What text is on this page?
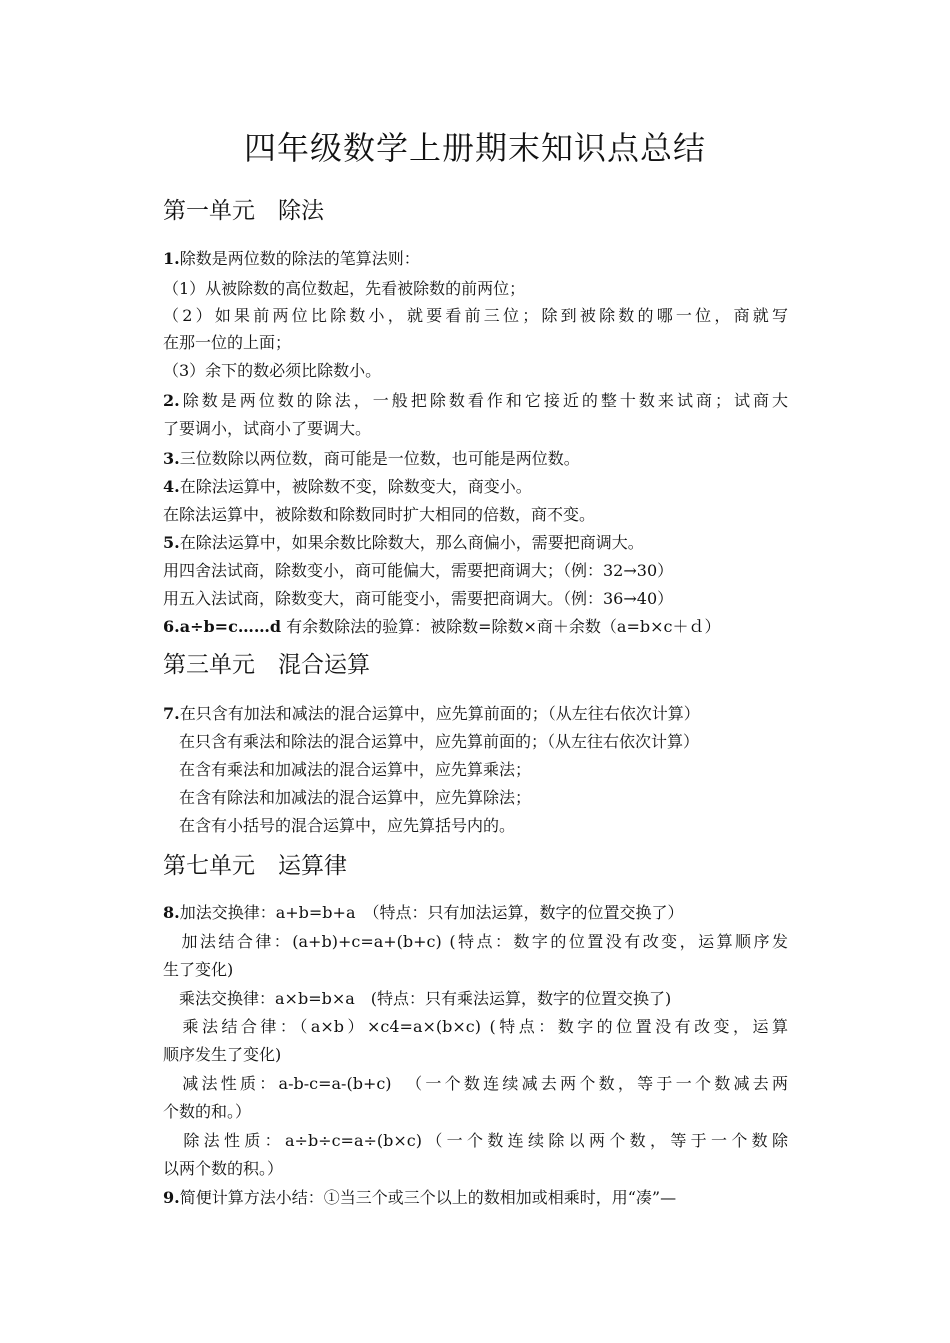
四年级数学上册期末知识点总结
第一单元　除法
1.除数是两位数的除法的笔算法则：
（1）从被除数的高位数起，先看被除数的前两位；
（2）如果前两位比除数小，就要看前三位；除到被除数的哪一位，商就写
在那一位的上面；
（3）余下的数必须比除数小。
2.除数是两位数的除法，一般把除数看作和它接近的整十数来试商；试商大
了要调小，试商小了要调大。
3.三位数除以两位数，商可能是一位数，也可能是两位数。
4.在除法运算中，被除数不变，除数变大，商变小。
在除法运算中，被除数和除数同时扩大相同的倍数，商不变。
5.在除法运算中，如果余数比除数大，那么商偏小，需要把商调大。
用四舍法试商，除数变小，商可能偏大，需要把商调大；（例：32→30）
用五入法试商，除数变大，商可能变小，需要把商调大。（例：36→40）
6.a÷b=c……d 有余数除法的验算：被除数=除数×商＋余数（a=b×c＋ｄ）
第三单元　混合运算
7.在只含有加法和减法的混合运算中，应先算前面的；（从左往右依次计算）
　在只含有乘法和除法的混合运算中，应先算前面的；（从左往右依次计算）
　在含有乘法和加减法的混合运算中，应先算乘法；
　在含有除法和加减法的混合运算中，应先算除法；
　在含有小括号的混合运算中，应先算括号内的。
第七单元　运算律
8.加法交换律：a+b=b+a　（特点：只有加法运算，数字的位置交换了）
　加法结合律：(a+b)+c=a+(b+c) (特点：数字的位置没有改变，运算顺序发
生了变化)
　乘法交换律：a×b=b×a　(特点：只有乘法运算，数字的位置交换了)
　乘法结合律：（a×b）×c4=a×(b×c) (特点：数字的位置没有改变，运算
顺序发生了变化)
　减法性质：a-b-c=a-(b+c)　（一个数连续减去两个数，等于一个数减去两
个数的和。）
　除法性质：a÷b÷c=a÷(b×c)（一个数连续除以两个数，等于一个数除
以两个数的积。）
9.简便计算方法小结：①当三个或三个以上的数相加或相乘时，用“凑”—
